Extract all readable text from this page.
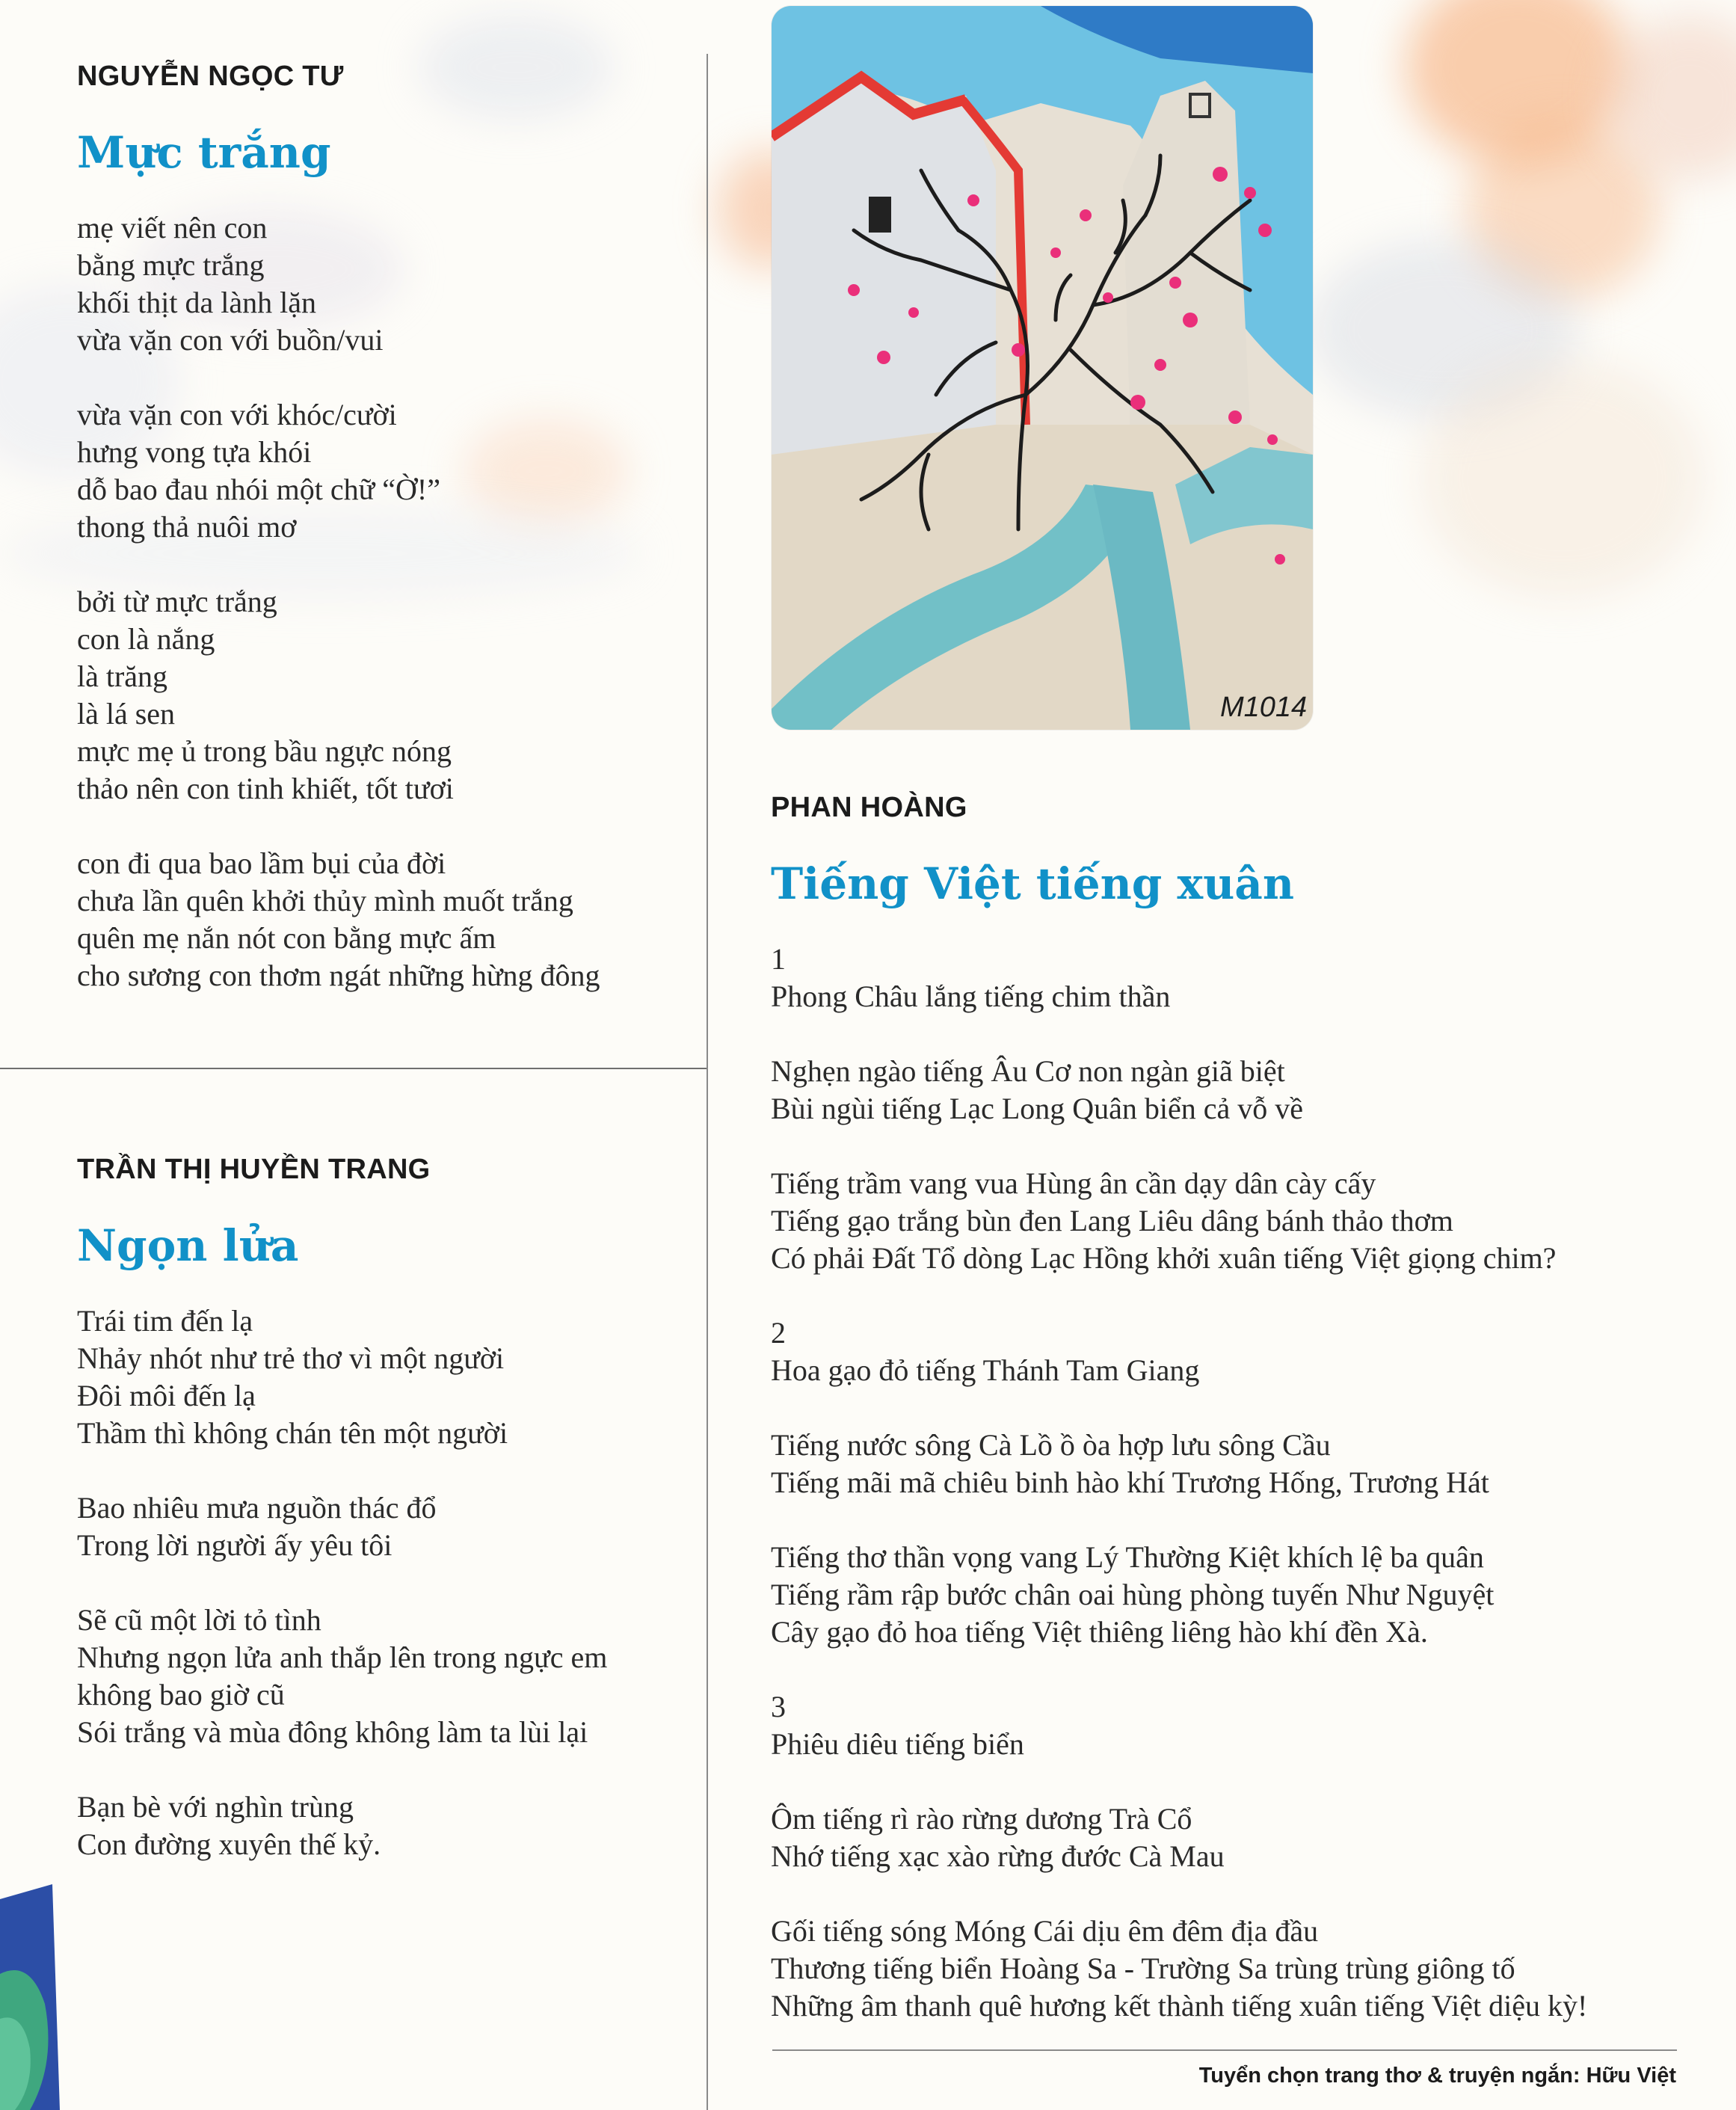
NGUYỄN NGỌC TƯ
Mực trắng
mẹ viết nên con
bằng mực trắng
khối thịt da lành lặn
vừa vặn con với buồn/vui
vừa vặn con với khóc/cười
hưng vong tựa khói
dỗ bao đau nhói một chữ “Ờ!”
thong thả nuôi mơ
bởi từ mực trắng
con là nắng
là trăng
là lá sen
mực mẹ ủ trong bầu ngực nóng
thảo nên con tinh khiết, tốt tươi
con đi qua bao lầm bụi của đời
chưa lần quên khởi thủy mình muốt trắng
quên mẹ nắn nót con bằng mực ấm
cho sương con thơm ngát những hừng đông
TRẦN THỊ HUYỀN TRANG
Ngọn lửa
Trái tim đến lạ
Nhảy nhót như trẻ thơ vì một người
Đôi môi đến lạ
Thầm thì không chán tên một người
Bao nhiêu mưa nguồn thác đổ
Trong lời người ấy yêu tôi
Sẽ cũ một lời tỏ tình
Nhưng ngọn lửa anh thắp lên trong ngực em
không bao giờ cũ
Sói trắng và mùa đông không làm ta lùi lại
Bạn bè với nghìn trùng
Con đường xuyên thế kỷ.
M1014
PHAN HOÀNG
Tiếng Việt tiếng xuân
1
Phong Châu lắng tiếng chim thần
Nghẹn ngào tiếng Âu Cơ non ngàn giã biệt
Bùi ngùi tiếng Lạc Long Quân biển cả vỗ về
Tiếng trầm vang vua Hùng ân cần dạy dân cày cấy
Tiếng gạo trắng bùn đen Lang Liêu dâng bánh thảo thơm
Có phải Đất Tổ dòng Lạc Hồng khởi xuân tiếng Việt giọng chim?
2
Hoa gạo đỏ tiếng Thánh Tam Giang
Tiếng nước sông Cà Lồ ồ òa hợp lưu sông Cầu
Tiếng mãi mã chiêu binh hào khí Trương Hống, Trương Hát
Tiếng thơ thần vọng vang Lý Thường Kiệt khích lệ ba quân
Tiếng rầm rập bước chân oai hùng phòng tuyến Như Nguyệt
Cây gạo đỏ hoa tiếng Việt thiêng liêng hào khí đền Xà.
3
Phiêu diêu tiếng biển
Ôm tiếng rì rào rừng dương Trà Cổ
Nhớ tiếng xạc xào rừng đước Cà Mau
Gối tiếng sóng Móng Cái dịu êm đêm địa đầu
Thương tiếng biển Hoàng Sa - Trường Sa trùng trùng giông tố
Những âm thanh quê hương kết thành tiếng xuân tiếng Việt diệu kỳ!
Tuyển chọn trang thơ & truyện ngắn: Hữu Việt
